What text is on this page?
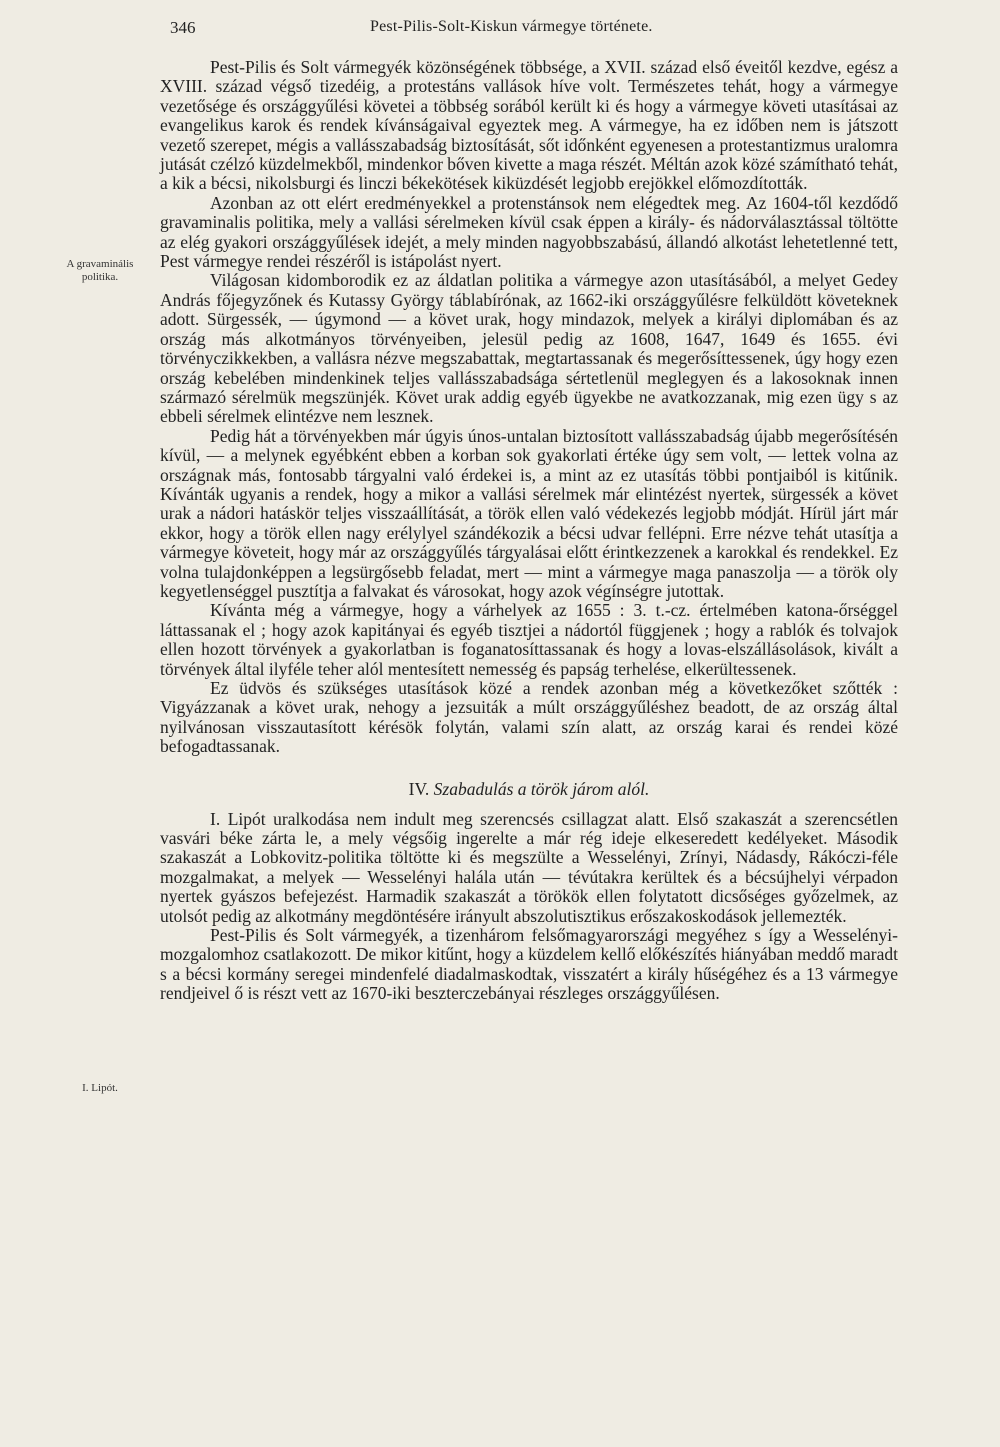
346	Pest-Pilis-Solt-Kiskun vármegye története.
A gravaminális politika.
I. Lipót.

Pest-Pilis és Solt vármegyék közönségének többsége, a XVII. század első éveitől kezdve, egész a XVIII. század végső tizedéig, a protestáns vallások híve volt. Természetes tehát, hogy a vármegye vezetősége és országgyűlési követei a többség sorából került ki és hogy a vármegye követi utasításai az evangelikus karok és rendek kívánságaival egyeztek meg. A vármegye, ha ez időben nem is játszott vezető szerepet, mégis a vallásszabadság biztosítását, sőt időnként egyenesen a protestantizmus uralomra jutását czélzó küzdelmekből, mindenkor bőven kivette a maga részét. Méltán azok közé számítható tehát, a kik a bécsi, nikolsburgi és linczi békekötések kiküzdését legjobb erejökkel előmozdították.

Azonban az ott elért eredményekkel a protenstánsok nem elégedtek meg. Az 1604-től kezdődő gravaminalis politika, mely a vallási sérelmeken kívül csak éppen a király- és nádorválasztással töltötte az elég gyakori országgyűlések idejét, a mely minden nagyobbszabású, állandó alkotást lehetetlenné tett, Pest vármegye rendei részéről is istápolást nyert.

Világosan kidomborodik ez az áldatlan politika a vármegye azon utasításából, a melyet Gedey András főjegyzőnek és Kutassy György táblabírónak, az 1662-iki országgyűlésre felküldött követeknek adott. Sürgessék, — úgymond — a követ urak, hogy mindazok, melyek a királyi diplomában és az ország más alkotmányos törvényeiben, jelesül pedig az 1608, 1647, 1649 és 1655. évi törvényczikkekben, a vallásra nézve megszabattak, megtartassanak és megerősíttessenek, úgy hogy ezen ország kebelében mindenkinek teljes vallásszabadsága sértetlenül meglegyen és a lakosoknak innen származó sérelmük megszünjék. Követ urak addig egyéb ügyekbe ne avatkozzanak, mig ezen ügy s az ebbeli sérelmek elintézve nem lesznek.

Pedig hát a törvényekben már úgyis únos-untalan biztosított vallásszabadság újabb megerősítésén kívül, — a melynek egyébként ebben a korban sok gyakorlati értéke úgy sem volt, — lettek volna az országnak más, fontosabb tárgyalni való érdekei is, a mint az ez utasítás többi pontjaiból is kitűnik. Kívánták ugyanis a rendek, hogy a mikor a vallási sérelmek már elintézést nyertek, sürgessék a követ urak a nádori hatáskör teljes visszaállítását, a török ellen való védekezés legjobb módját. Hírül járt már ekkor, hogy a török ellen nagy erélylyel szándékozik a bécsi udvar fellépni. Erre nézve tehát utasítja a vármegye követeit, hogy már az országgyűlés tárgyalásai előtt érintkezzenek a karokkal és rendekkel. Ez volna tulajdonképpen a legsürgősebb feladat, mert — mint a vármegye maga panaszolja — a török oly kegyetlenséggel pusztítja a falvakat és városokat, hogy azok végínségre jutottak.

Kívánta még a vármegye, hogy a várhelyek az 1655 : 3. t.-cz. értelmében katona-őrséggel láttassanak el ; hogy azok kapitányai és egyéb tisztjei a nádortól függjenek ; hogy a rablók és tolvajok ellen hozott törvények a gyakorlatban is foganatosíttassanak és hogy a lovas-elszállásolások, kivált a törvények által ilyféle teher alól mentesített nemesség és papság terhelése, elkerültessenek.

Ez üdvös és szükséges utasítások közé a rendek azonban még a következőket szőtték : Vigyázzanak a követ urak, nehogy a jezsuiták a múlt országgyűléshez beadott, de az ország által nyilvánosan visszautasított kérésök folytán, valami szín alatt, az ország karai és rendei közé befogadtassanak.

IV. Szabadulás a török járom alól.

I. Lipót uralkodása nem indult meg szerencsés csillagzat alatt. Első szakaszát a szerencsétlen vasvári béke zárta le, a mely végsőig ingerelte a már rég ideje elkeseredett kedélyeket. Második szakaszát a Lobkovitz-politika töltötte ki és megszülte a Wesselényi, Zrínyi, Nádasdy, Rákóczi-féle mozgalmakat, a melyek — Wesselényi halála után — tévútakra kerültek és a bécsújhelyi vérpadon nyertek gyászos befejezést. Harmadik szakaszát a törökök ellen folytatott dicsőséges győzelmek, az utolsót pedig az alkotmány megdöntésére irányult abszolutisztikus erőszakoskodások jellemezték.

Pest-Pilis és Solt vármegyék, a tizenhárom felsőmagyarországi megyéhez s így a Wesselényi-mozgalomhoz csatlakozott. De mikor kitűnt, hogy a küzdelem kellő előkészítés hiányában meddő maradt s a bécsi kormány seregei mindenfelé diadalmaskodtak, visszatért a király hűségéhez és a 13 vármegye rendjeivel ő is részt vett az 1670-iki beszterczebányai részleges országgyűlésen.
